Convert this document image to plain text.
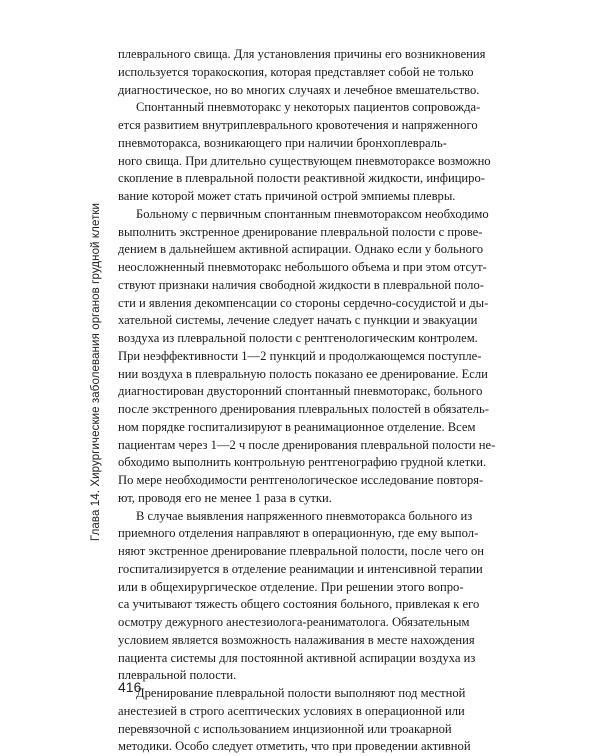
Глава 14. Хирургические заболевания органов грудной клетки

плеврального свища. Для установления причины его возникновения
используется торакоскопия, которая представляет собой не только
диагностическое, но во многих случаях и лечебное вмешательство.

Спонтанный пневмоторакс у некоторых пациентов сопровожда-
ется развитием внутриплеврального кровотечения и напряженного
пневмоторакса, возникающего при наличии бронхоплевраль-
ного свища. При длительно существующем пневмотораксе возможно
скопление в плевральной полости реактивной жидкости, инфициро-
вание которой может стать причиной острой эмпиемы плевры.

Больному с первичным спонтанным пневмотораксом необходимо
выполнить экстренное дренирование плевральной полости с прове-
дением в дальнейшем активной аспирации. Однако если у больного
неосложненный пневмоторакс небольшого объема и при этом отсут-
ствуют признаки наличия свободной жидкости в плевральной поло-
сти и явления декомпенсации со стороны сердечно-сосудистой и ды-
хательной системы, лечение следует начать с пункции и эвакуации
воздуха из плевральной полости с рентгенологическим контролем.
При неэффективности 1—2 пункций и продолжающемся поступле-
нии воздуха в плевральную полость показано ее дренирование. Если
диагностирован двусторонний спонтанный пневмоторакс, больного
после экстренного дренирования плевральных полостей в обязатель-
ном порядке госпитализируют в реанимационное отделение. Всем
пациентам через 1—2 ч после дренирования плевральной полости не-
обходимо выполнить контрольную рентгенографию грудной клетки.
По мере необходимости рентгенологическое исследование повторя-
ют, проводя его не менее 1 раза в сутки.

В случае выявления напряженного пневмоторакса больного из
приемного отделения направляют в операционную, где ему выпол-
няют экстренное дренирование плевральной полости, после чего он
госпитализируется в отделение реанимации и интенсивной терапии
или в общехирургическое отделение. При решении этого вопро-
са учитывают тяжесть общего состояния больного, привлекая к его
осмотру дежурного анестезиолога-реаниматолога. Обязательным
условием является возможность налаживания в месте нахождения
пациента системы для постоянной активной аспирации воздуха из
плевральной полости.

Дренирование плевральной полости выполняют под местной
анестезией в строго асептических условиях в операционной или
перевязочной с использованием инцизионной или троакарной
методики. Особо следует отметить, что при проведении активной

416
